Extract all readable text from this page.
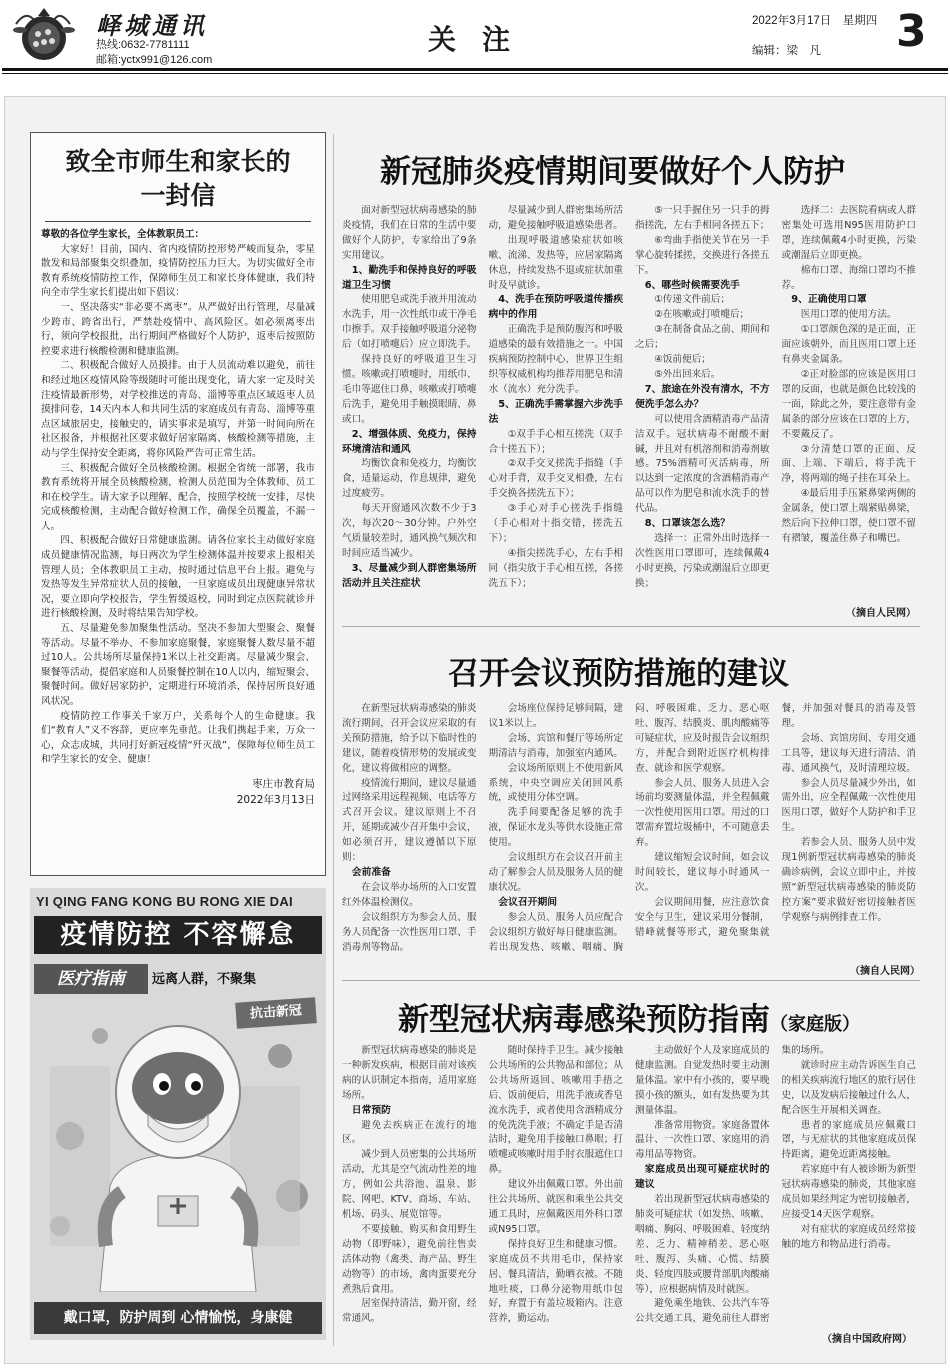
峄城通讯
热线:0632-7781111
邮箱:yctx991@126.com
关注
2022年3月17日　星期四
编辑：梁　凡 3
致全市师生和家长的
一封信

尊敬的各位学生家长，全体教职员工：

大家好！目前，国内、省内疫情防控形势严峻而复杂，零星散发和局部聚集交织叠加，疫情防控压力巨大。为切实做好全市教育系统疫情防控工作，保障师生员工和家长身体健康，我们特向全市学生家长们提出如下倡议：

一、坚决落实“非必要不离枣”。从严做好出行管理，尽量减少跨市、跨省出行，严禁赴疫情中、高风险区。如必须离枣出行，须向学校报批，出行期间严格做好个人防护，返枣后按照防控要求进行核酸检测和健康监测。

二、积极配合做好人员摸排。由于人员流动难以避免，前往和经过地区疫情风险等级随时可能出现变化，请大家一定及时关注疫情最新形势，对学校推送的青岛、淄博等重点区域返枣人员摸排问卷，14天内本人和共同生活的家庭成员有青岛、淄博等重点区域旅居史，接触史的，请实事求是填写，并第一时间向所在社区报备，并根据社区要求做好居家隔离、核酸检测等措施，主动与学生保持安全距离，将你风险严告可正常生活。

三、积极配合做好全员核酸检测。根据全省统一部署，我市教育系统将开展全员核酸检测，检测人员范围为全体教师、员工和在校学生。请大家予以理解、配合，按照学校统一安排，尽快完成核酸检测，主动配合做好检测工作，确保全员覆盖，不漏一人。

四、积极配合做好日常健康监测。请各位家长主动做好家庭成员健康情况监测，每日两次为学生检测体温并按要求上报相关管理人员；全体教职员工主动，按时通过信息平台上报。避免与发热等发生异常症状人员的接触，一旦家庭成员出现健康异常状况，要立即向学校报告，学生暂缓返校，同时到定点医院就诊并进行核酸检测，及时将结果告知学校。

五、尽量避免参加聚集性活动。坚决不参加大型聚会、聚餐等活动。尽量不举办、不参加家庭聚餐，家庭聚餐人数尽量不超过10人。公共场所尽量保持1米以上社交距离。尽量减少聚会、聚餐等活动，提倡家庭和人员聚餐控制在10人以内，缩短聚会、聚餐时间。做好居家防护，定期进行环境消杀，保持居所良好通风状况。

疫情防控工作事关千家万户，关系每个人的生命健康。我们“教育人”义不容辞，更应率先垂范。让我们携起手来，万众一心，众志成城，共同打好新冠疫情“歼灭战”，保障每位师生员工和学生家长的安全、健康！

枣庄市教育局
2022年3月13日
YI QING FANG KONG BU RONG XIE DAI
疫情防控 不容懈怠
医疗指南	远离人群，不聚集
抗击新冠
戴口罩，防护周到 心情愉悦，身康健
新冠肺炎疫情期间要做好个人防护

面对新型冠状病毒感染的肺炎疫情，我们在日常的生活中要做好个人防护，专家给出了9条实用建议。

1、勤洗手和保持良好的呼吸道卫生习惯

使用肥皂或洗手液并用流动水洗手，用一次性纸巾或干净毛巾擦手。双手接触呼吸道分泌物后（如打喷嚏后）应立即洗手。

保持良好的呼吸道卫生习惯。咳嗽或打喷嚏时，用纸巾、毛巾等遮住口鼻，咳嗽或打喷嚏后洗手，避免用手触摸眼睛、鼻或口。

2、增强体质、免疫力，保持环境清洁和通风

均衡饮食和免疫力，均衡饮食，适量运动，作息规律，避免过度疲劳。

每天开窗通风次数不少于3次，每次20～30分钟。户外空气质量较差时，通风换气频次和时间应适当减少。

3、尽量减少到人群密集场所活动并且关注症状

尽量减少到人群密集场所活动，避免接触呼吸道感染患者。

出现呼吸道感染症状如咳嗽、流涕、发热等，应居家隔离休息，持续发热不退或症状加重时及早就诊。

4、洗手在预防呼吸道传播疾病中的作用

正确洗手是预防腹泻和呼吸道感染的最有效措施之一。中国疾病预防控制中心、世界卫生组织等权威机构均推荐用肥皂和清水（流水）充分洗手。

5、正确洗手需掌握六步洗手法

①双手手心相互搓洗（双手合十搓五下）；

②双手交叉搓洗手指缝（手心对手背，双手交叉相叠，左右手交换各搓洗五下）；

③手心对手心搓洗手指缝（手心相对十指交错，搓洗五下）；

④指尖搓洗手心，左右手相同（指尖放于手心相互搓，各搓洗五下）；

⑤一只手握住另一只手的拇指搓洗，左右手相同各搓五下；

⑥弯曲手指使关节在另一手掌心旋转揉搓，交换进行各搓五下。

6、哪些时候需要洗手

①传递文件前后；

②在咳嗽或打喷嚏后；

③在制备食品之前、期间和之后；

④饭前便后；

⑤外出回来后。

7、旅途在外没有清水，不方便洗手怎么办？

可以使用含酒精消毒产品清洁双手。冠状病毒不耐酸不耐碱，并且对有机溶剂和消毒剂敏感。75%酒精可灭活病毒，所以达到一定浓度的含酒精消毒产品可以作为肥皂和流水洗手的替代品。

8、口罩该怎么选？

选择一：正常外出时选择一次性医用口罩即可，连续佩戴4小时更换，污染或潮湿后立即更换；

选择二：去医院看病或人群密集处可选用N95医用防护口罩，连续佩戴4小时更换，污染或潮湿后立即更换。

棉布口罩、海绵口罩均不推荐。

9、正确使用口罩

医用口罩的使用方法。

①口罩颜色深的是正面，正面应该朝外，而且医用口罩上还有鼻夹金属条。

②正对脸部的应该是医用口罩的反面，也就是颜色比较浅的一面，除此之外，要注意带有金属条的部分应该在口罩的上方，不要戴反了。

③分清楚口罩的正面、反面、上端、下端后，将手洗干净，将两端的绳子挂在耳朵上。

④最后用手压紧鼻梁两侧的金属条，使口罩上端紧贴鼻梁，然后向下拉伸口罩，使口罩不留有褶皱，覆盖住鼻子和嘴巴。

（摘自人民网）
召开会议预防措施的建议

在新型冠状病毒感染的肺炎流行期间，召开会议应采取的有关预防措施，给予以下临时性的建议，随着疫情形势的发展或变化，建议将做相应的调整。

疫情流行期间，建议尽量通过网络采用远程视频、电话等方式召开会议。建议原则上不召开，延期或减少召开集中会议，如必须召开，建议遵循以下原则：

会前准备

在会议举办场所的入口安置红外体温检测仪。

会议组织方为参会人员、服务人员配备一次性医用口罩、手消毒剂等物品。

会场座位保持足够间隔，建议1米以上。

会场、宾馆和餐厅等场所定期清洁与消毒，加强室内通风。

会议场所原则上不使用新风系统，中央空调应关闭回风系统，或使用分体空调。

洗手间要配备足够的洗手液，保证水龙头等供水设施正常使用。

会议组织方在会议召开前主动了解参会人员及服务人员的健康状况。

会议召开期间

参会人员、服务人员应配合会议组织方做好每日健康监测。若出现发热、咳嗽、咽痛、胸闷、呼吸困难、乏力、恶心呕吐、腹泻、结膜炎、肌肉酸痛等可疑症状，应及时报告会议组织方，并配合到附近医疗机构排查、就诊和医学观察。

参会人员、服务人员进入会场前均要测量体温，并全程佩戴一次性使用医用口罩。用过的口罩需弃置垃圾桶中，不可随意丢弃。

建议缩短会议时间，如会议时间较长，建议每小时通风一次。

会议期间用餐，应注意饮食安全与卫生，建议采用分餐制，错峰就餐等形式，避免聚集就餐，并加强对餐具的消毒及管理。

会场、宾馆房间、专用交通工具等，建议每天进行清洁、消毒、通风换气，及时清理垃圾。

参会人员尽量减少外出，如需外出，应全程佩戴一次性使用医用口罩，做好个人防护和手卫生。

若参会人员、服务人员中发现1例新型冠状病毒感染的肺炎确诊病例，会议立即中止，并按照“新型冠状病毒感染的肺炎防控方案”要求做好密切接触者医学观察与病例排查工作。

（摘自人民网）
新型冠状病毒感染预防指南（家庭版）

新型冠状病毒感染的肺炎是一种新发疾病，根据目前对该疾病的认识制定本指南，适用家庭场所。

日常预防

避免去疾病正在流行的地区。

减少到人员密集的公共场所活动，尤其是空气流动性差的地方，例如公共浴池、温泉、影院、网吧、KTV、商场、车站、机场、码头、展览馆等。

不要接触、购买和食用野生动物（即野味），避免前往售卖活体动物（禽类、海产品、野生动物等）的市场，禽肉蛋要充分煮熟后食用。

居室保持清洁，勤开窗，经常通风。

随时保持手卫生。减少接触公共场所的公共物品和部位；从公共场所返回、咳嗽用手捂之后、饭前便后，用洗手液或香皂流水洗手，或者使用含酒精成分的免洗洗手液；不确定手是否清洁时，避免用手接触口鼻眼；打喷嚏或咳嗽时用手肘衣服遮住口鼻。

建议外出佩戴口罩。外出前往公共场所、就医和乘坐公共交通工具时，应佩戴医用外科口罩或N95口罩。

保持良好卫生和健康习惯。家庭成员不共用毛巾，保持家居、餐具清洁，勤晒衣被。不随地吐痰，口鼻分泌物用纸巾包好，弃置于有盖垃圾箱内。注意营养，勤运动。

主动做好个人及家庭成员的健康监测。自觉发热时要主动测量体温。家中有小孩的，要早晚摸小孩的额头，如有发热要为其测量体温。

准备常用物资。家庭备置体温计、一次性口罩、家庭用的消毒用品等物资。

家庭成员出现可疑症状时的建议

若出现新型冠状病毒感染的肺炎可疑症状（如发热、咳嗽、咽痛、胸闷、呼吸困难、轻度纳差、乏力、精神稍差、恶心呕吐、腹泻、头痛、心慌、结膜炎、轻度四肢或腰背部肌肉酸痛等），应根据病情及时就医。

避免乘坐地铁、公共汽车等公共交通工具，避免前往人群密集的场所。

就诊时应主动告诉医生自己的相关疾病流行地区的旅行居住史，以及发病后接触过什么人，配合医生开展相关调查。

患者的家庭成员应佩戴口罩，与无症状的其他家庭成员保持距离，避免近距离接触。

若家庭中有人被诊断为新型冠状病毒感染的肺炎，其他家庭成员如果经判定为密切接触者，应接受14天医学观察。

对有症状的家庭成员经常接触的地方和物品进行消毒。

（摘自中国政府网）
